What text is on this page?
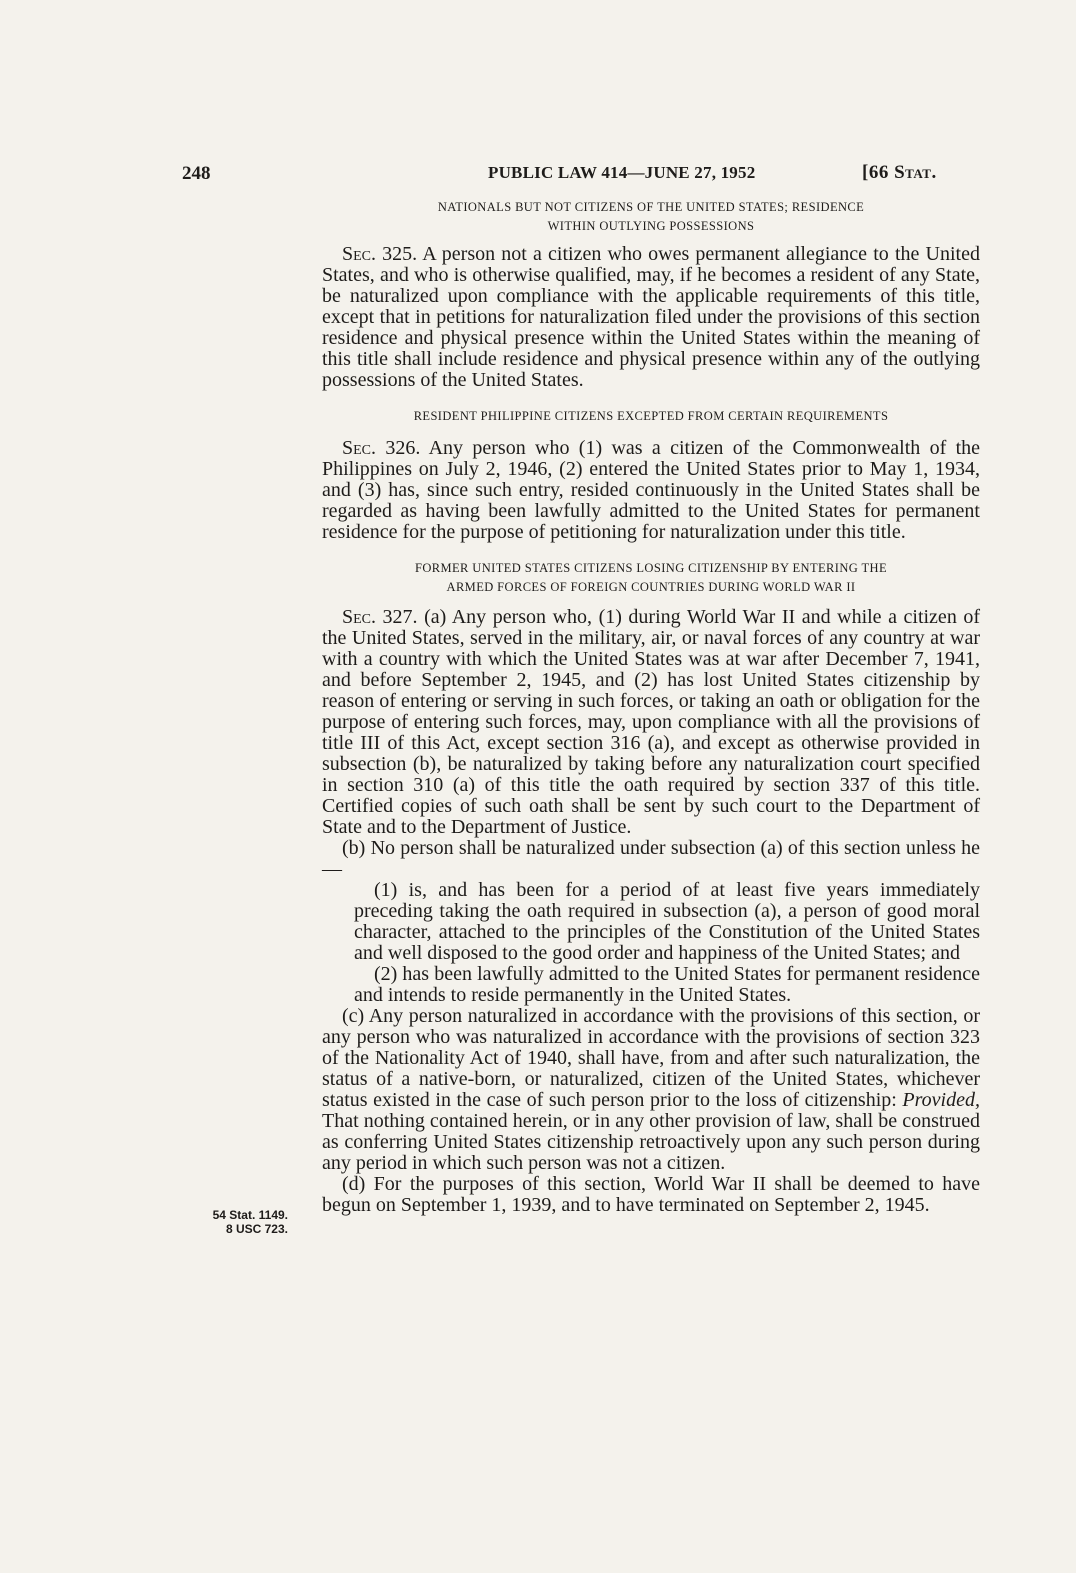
248	PUBLIC LAW 414—JUNE 27, 1952	[66 Stat.
54 Stat. 1149.
8 USC 723.
NATIONALS BUT NOT CITIZENS OF THE UNITED STATES; RESIDENCE
WITHIN OUTLYING POSSESSIONS

Sec. 325. A person not a citizen who owes permanent allegiance to the United States, and who is otherwise qualified, may, if he becomes a resident of any State, be naturalized upon compliance with the applicable requirements of this title, except that in petitions for naturalization filed under the provisions of this section residence and physical presence within the United States within the meaning of this title shall include residence and physical presence within any of the outlying possessions of the United States.

RESIDENT PHILIPPINE CITIZENS EXCEPTED FROM CERTAIN REQUIREMENTS

Sec. 326. Any person who (1) was a citizen of the Commonwealth of the Philippines on July 2, 1946, (2) entered the United States prior to May 1, 1934, and (3) has, since such entry, resided continuously in the United States shall be regarded as having been lawfully admitted to the United States for permanent residence for the purpose of petitioning for naturalization under this title.

FORMER UNITED STATES CITIZENS LOSING CITIZENSHIP BY ENTERING THE
ARMED FORCES OF FOREIGN COUNTRIES DURING WORLD WAR II

Sec. 327. (a) Any person who, (1) during World War II and while a citizen of the United States, served in the military, air, or naval forces of any country at war with a country with which the United States was at war after December 7, 1941, and before September 2, 1945, and (2) has lost United States citizenship by reason of entering or serving in such forces, or taking an oath or obligation for the purpose of entering such forces, may, upon compliance with all the provisions of title III of this Act, except section 316 (a), and except as otherwise provided in subsection (b), be naturalized by taking before any naturalization court specified in section 310 (a) of this title the oath required by section 337 of this title. Certified copies of such oath shall be sent by such court to the Department of State and to the Department of Justice.

(b) No person shall be naturalized under subsection (a) of this section unless he—

(1) is, and has been for a period of at least five years immediately preceding taking the oath required in subsection (a), a person of good moral character, attached to the principles of the Constitution of the United States and well disposed to the good order and happiness of the United States; and

(2) has been lawfully admitted to the United States for permanent residence and intends to reside permanently in the United States.

(c) Any person naturalized in accordance with the provisions of this section, or any person who was naturalized in accordance with the provisions of section 323 of the Nationality Act of 1940, shall have, from and after such naturalization, the status of a native-born, or naturalized, citizen of the United States, whichever status existed in the case of such person prior to the loss of citizenship: Provided, That nothing contained herein, or in any other provision of law, shall be construed as conferring United States citizenship retroactively upon any such person during any period in which such person was not a citizen.

(d) For the purposes of this section, World War II shall be deemed to have begun on September 1, 1939, and to have terminated on September 2, 1945.
